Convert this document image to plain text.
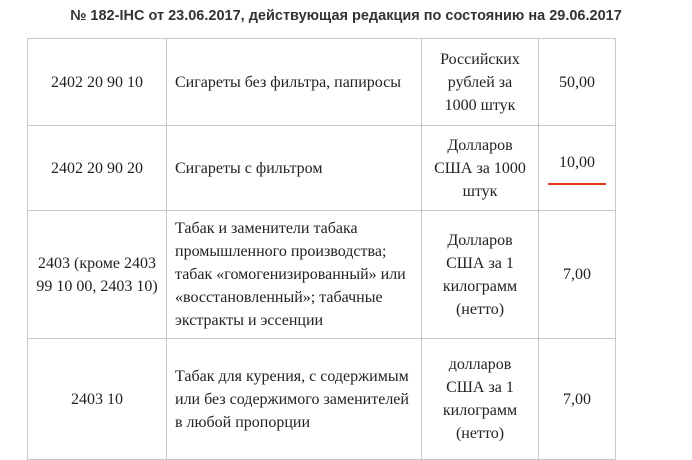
№ 182-IНС от 23.06.2017, действующая редакция по состоянию на 29.06.2017
2402 20 90 10	Сигареты без фильтра, папиросы	Российских рублей за 1000 штук	50,00
2402 20 90 20	Сигареты с фильтром	Долларов США за 1000 штук	10,00

2403 (кроме 2403 99 10 00, 2403 10)	Табак и заменители табака промышленного производства; табак «гомогенизированный» или «восстановленный»; табачные экстракты и эссенции	Долларов США за 1 килограмм (нетто)	7,00
2403 10	Табак для курения, с содержимым или без содержимого заменителей в любой пропорции	долларов США за 1 килограмм (нетто)	7,00
